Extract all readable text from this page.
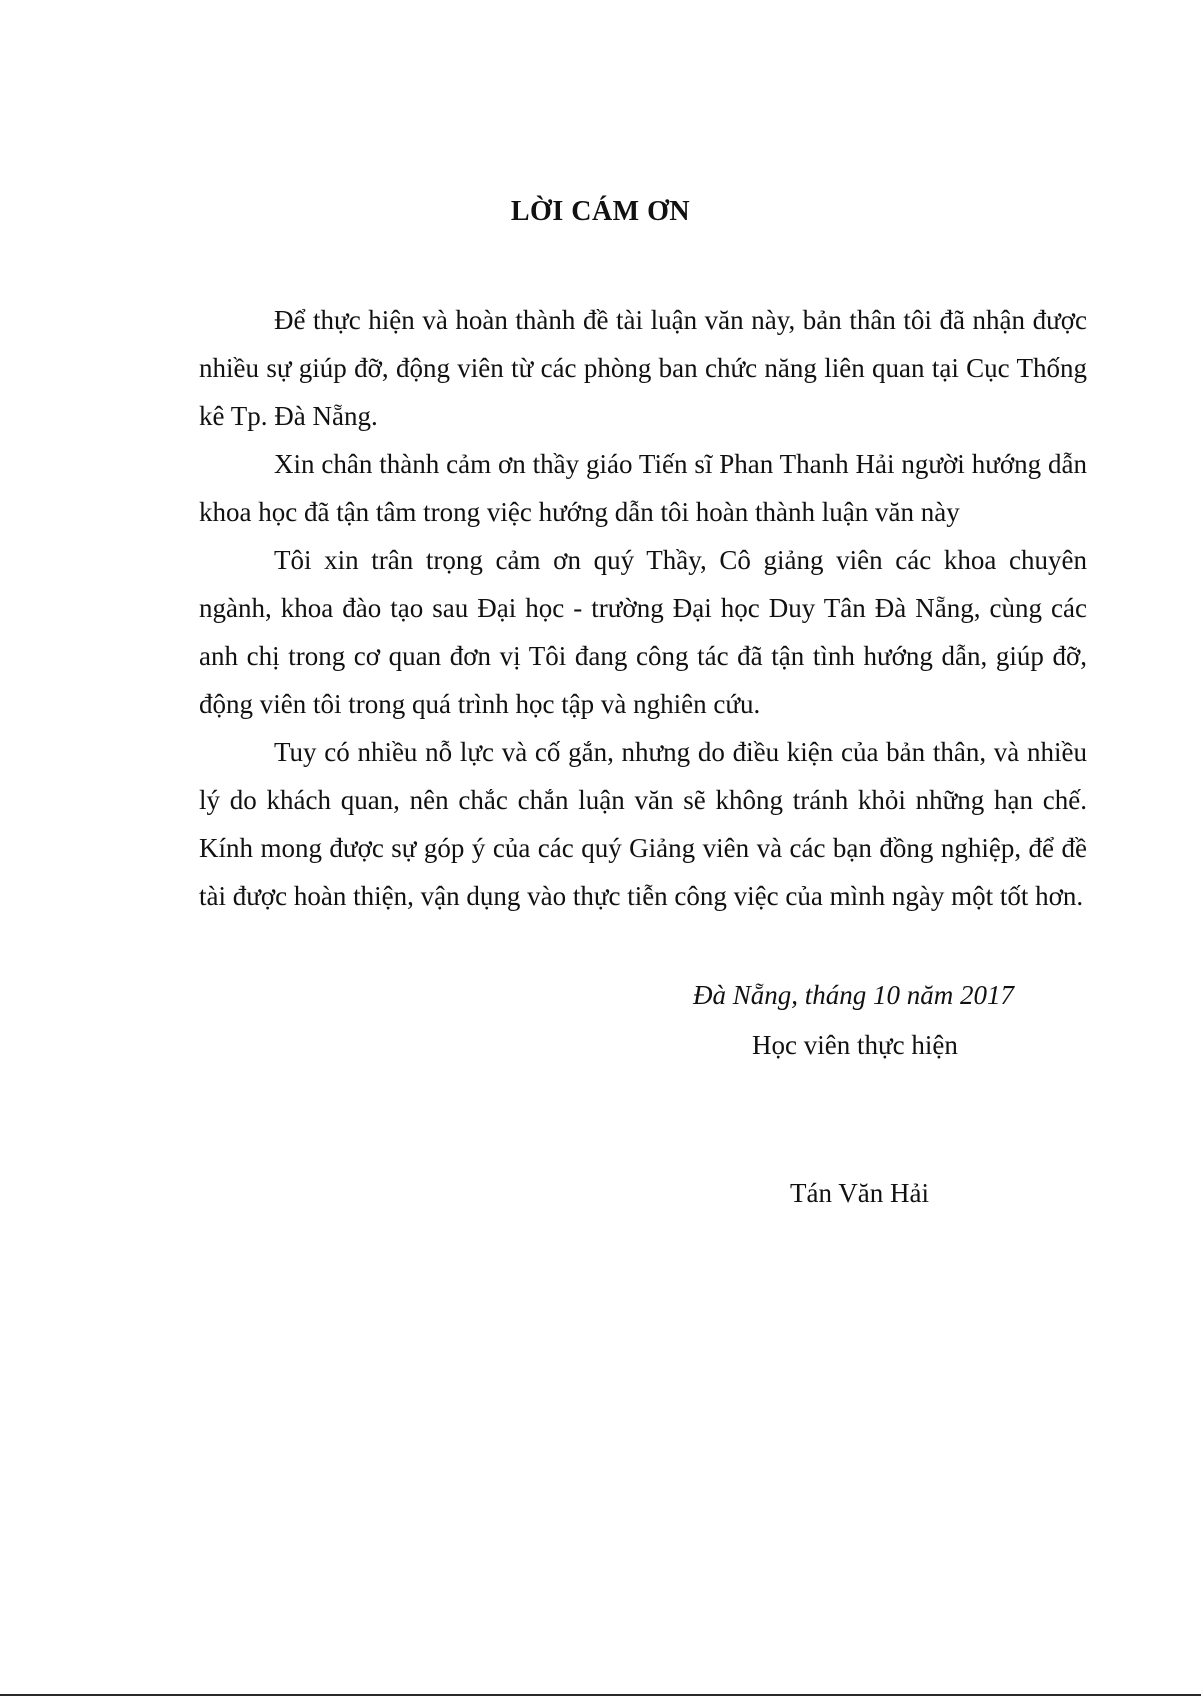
LỜI CÁM ƠN

Để thực hiện và hoàn thành đề tài luận văn này, bản thân tôi đã nhận được nhiều sự giúp đỡ, động viên từ các phòng ban chức năng liên quan tại Cục Thống kê Tp. Đà Nẵng.

Xin chân thành cảm ơn thầy giáo Tiến sĩ Phan Thanh Hải người hướng dẫn khoa học đã tận tâm trong việc hướng dẫn tôi hoàn thành luận văn này

Tôi xin trân trọng cảm ơn quý Thầy, Cô giảng viên các khoa chuyên ngành, khoa đào tạo sau Đại học - trường Đại học Duy Tân Đà Nẵng, cùng các anh chị trong cơ quan đơn vị Tôi đang công tác đã tận tình hướng dẫn, giúp đỡ, động viên tôi trong quá trình học tập và nghiên cứu.

Tuy có nhiều nỗ lực và cố gắn, nhưng do điều kiện của bản thân, và nhiều lý do khách quan, nên chắc chắn luận văn sẽ không tránh khỏi những hạn chế. Kính mong được sự góp ý của các quý Giảng viên và các bạn đồng nghiệp, để đề tài được hoàn thiện, vận dụng vào thực tiễn công việc của mình ngày một tốt hơn.

Đà Nẵng, tháng 10 năm 2017
Học viên thực hiện
Tán Văn Hải
